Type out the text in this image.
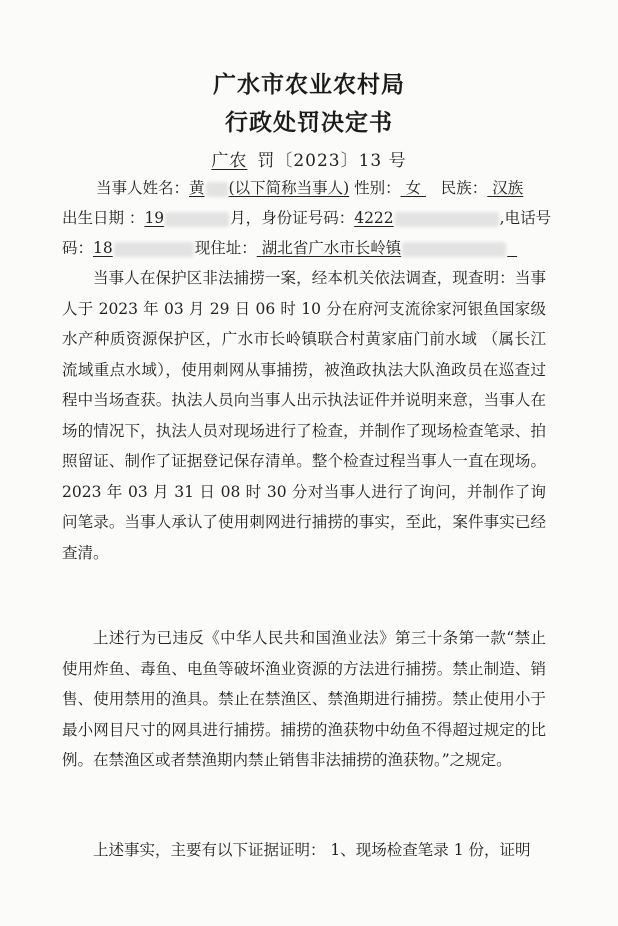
广水市农业农村局
行政处罚决定书
广农 罚〔2023〕13 号
当事人姓名：黄 (以下简称当事人) 性别： 女 民族： 汉族
出生日期 ：19	月，身份证号码：4222	,电话号
码：18	现住址： 湖北省广水市长岭镇

当事人在保护区非法捕捞一案，经本机关依法调查，现查明：当事人于 2023 年 03 月 29 日 06 时 10 分在府河支流徐家河银鱼国家级水产种质资源保护区，广水市长岭镇联合村黄家庙门前水域 （属长江流域重点水域），使用刺网从事捕捞，被渔政执法大队渔政员在巡查过程中当场查获。执法人员向当事人出示执法证件并说明来意，当事人在场的情况下，执法人员对现场进行了检查，并制作了现场检查笔录、拍照留证、制作了证据登记保存清单。整个检查过程当事人一直在现场。2023 年 03 月 31 日 08 时 30 分对当事人进行了询问，并制作了询问笔录。当事人承认了使用刺网进行捕捞的事实，至此，案件事实已经查清。

上述行为已违反《中华人民共和国渔业法》第三十条第一款“禁止使用炸鱼、毒鱼、电鱼等破坏渔业资源的方法进行捕捞。禁止制造、销售、使用禁用的渔具。禁止在禁渔区、禁渔期进行捕捞。禁止使用小于最小网目尺寸的网具进行捕捞。捕捞的渔获物中幼鱼不得超过规定的比例。在禁渔区或者禁渔期内禁止销售非法捕捞的渔获物。”之规定。

上述事实，主要有以下证据证明： 1、现场检查笔录 1 份，证明
